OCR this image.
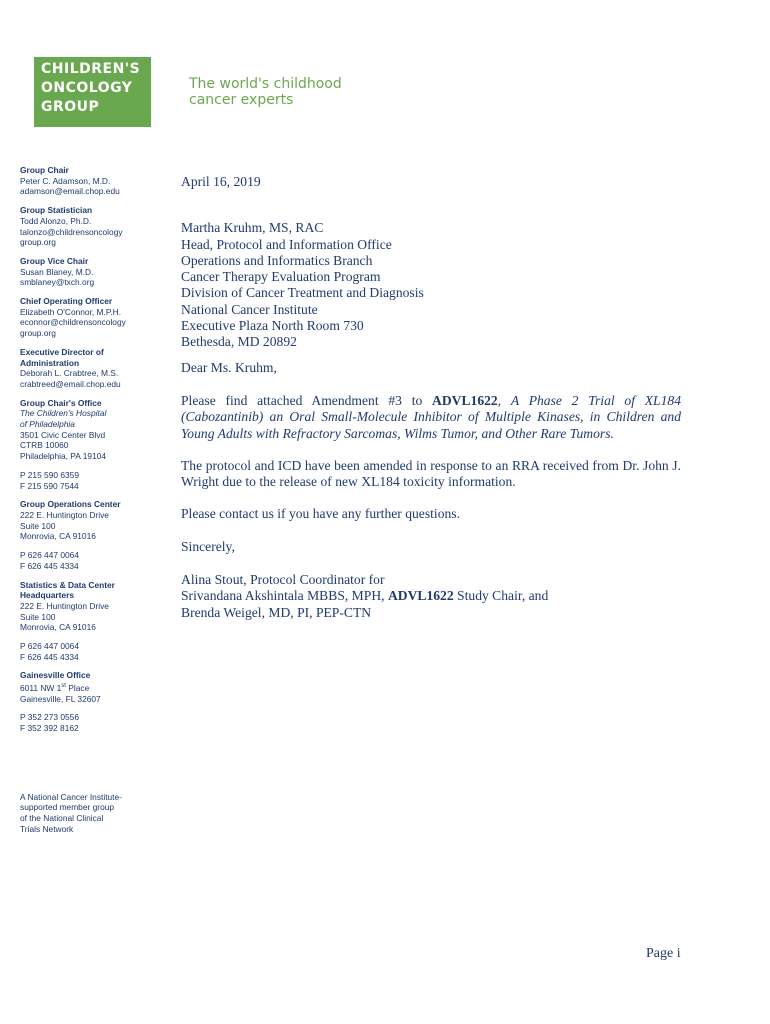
CHILDREN'S
ONCOLOGY
GROUP
The world's childhood
cancer experts
Group Chair
Peter C. Adamson, M.D.
adamson@email.chop.edu
Group Statistician
Todd Alonzo, Ph.D.
talonzo@childrensoncology
group.org
Group Vice Chair
Susan Blaney, M.D.
smblaney@txch.org
Chief Operating Officer
Elizabeth O'Connor, M.P.H.
econnor@childrensoncology
group.org
Executive Director of
Administration
Deborah L. Crabtree, M.S.
crabtreed@email.chop.edu
Group Chair's Office
The Children's Hospital
of Philadelphia
3501 Civic Center Blvd
CTRB 10060
Philadelphia, PA 19104
P 215 590 6359
F 215 590 7544
Group Operations Center
222 E. Huntington Drive
Suite 100
Monrovia, CA 91016
P 626 447 0064
F 626 445 4334
Statistics & Data Center
Headquarters
222 E. Huntington Drive
Suite 100
Monrovia, CA 91016
P 626 447 0064
F 626 445 4334
Gainesville Office
6011 NW 1st Place
Gainesville, FL 32607
P 352 273 0556
F 352 392 8162
A National Cancer Institute-
supported member group
of the National Clinical
Trials Network

April 16, 2019

Martha Kruhm, MS, RAC
Head, Protocol and Information Office
Operations and Informatics Branch
Cancer Therapy Evaluation Program
Division of Cancer Treatment and Diagnosis
National Cancer Institute
Executive Plaza North Room 730
Bethesda, MD 20892

Dear Ms. Kruhm,

Please find attached Amendment #3 to ADVL1622, A Phase 2 Trial of XL184 (Cabozantinib) an Oral Small-Molecule Inhibitor of Multiple Kinases, in Children and Young Adults with Refractory Sarcomas, Wilms Tumor, and Other Rare Tumors.

The protocol and ICD have been amended in response to an RRA received from Dr. John J. Wright due to the release of new XL184 toxicity information.

Please contact us if you have any further questions.

Sincerely,

Alina Stout, Protocol Coordinator for
Srivandana Akshintala MBBS, MPH, ADVL1622 Study Chair, and
Brenda Weigel, MD, PI, PEP-CTN
Page i
